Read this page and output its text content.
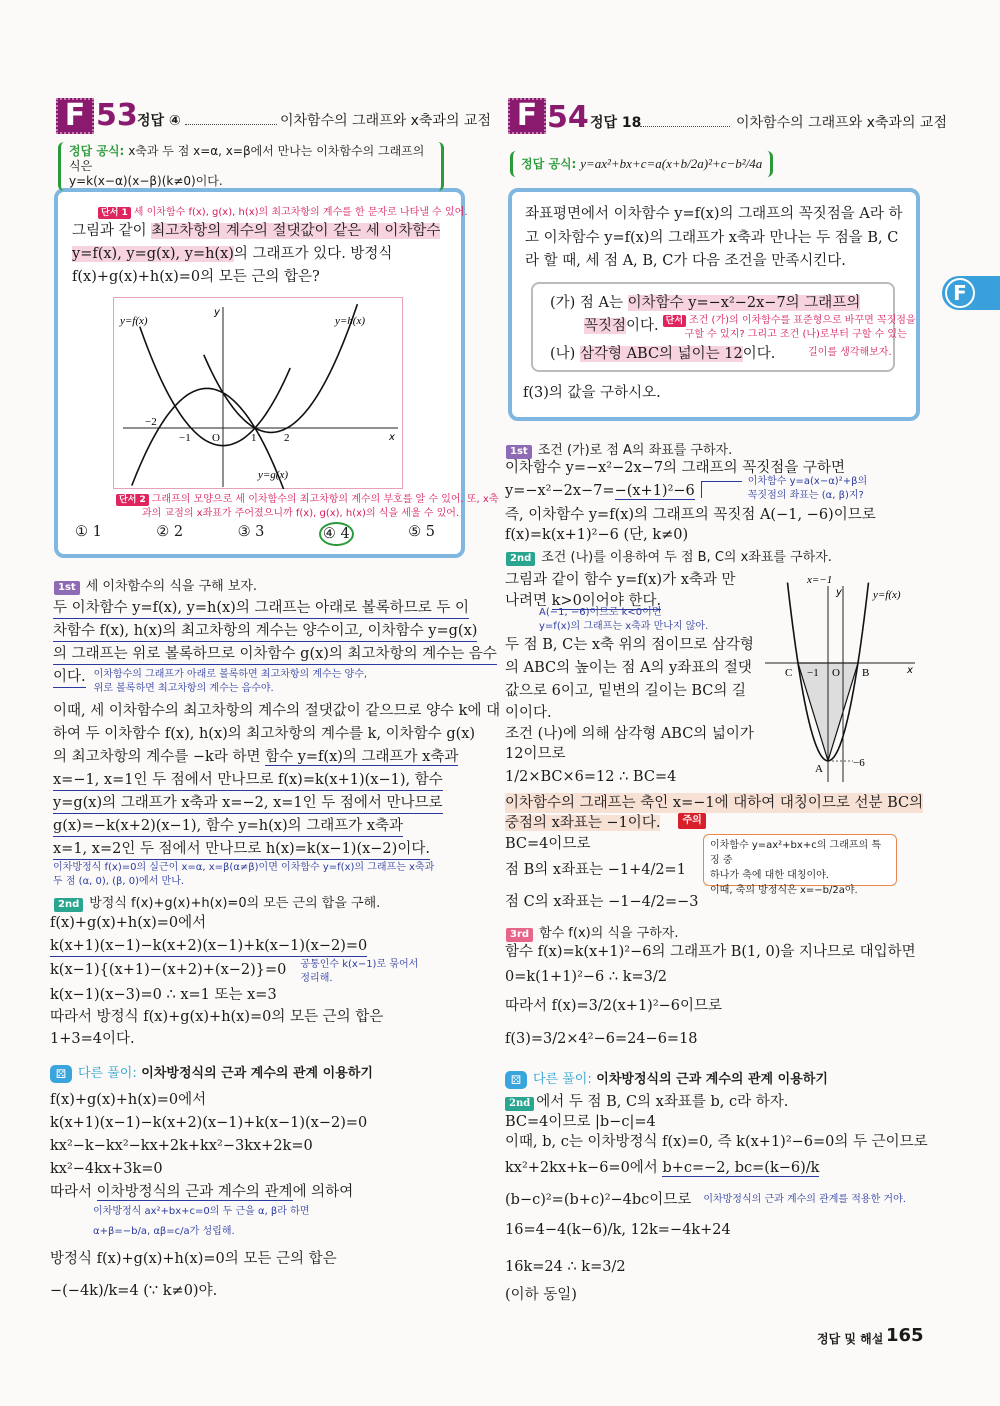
F 53 정답 ④	이차함수의 그래프와 x축과의 교점
정답 공식: x축과 두 점 x=α, x=β에서 만나는 이차함수의 그래프의 식은
y=k(x−α)(x−β)(k≠0)이다.
단서 1 세 이차함수 f(x), g(x), h(x)의 최고차항의 계수를 한 문자로 나타낼 수 있어.
그림과 같이 최고차항의 계수의 절댓값이 같은 세 이차함수
y=f(x), y=g(x), y=h(x)의 그래프가 있다. 방정식
f(x)+g(x)+h(x)=0의 모든 근의 합은?
y=f(x)	y=h(x)
y=g(x)
y
x
O
−2
−1	1	2
단서 2 그래프의 모양으로 세 이차함수의 최고차항의 계수의 부호를 알 수 있어. 또, x축
과의 교점의 x좌표가 주어졌으니까 f(x), g(x), h(x)의 식을 세울 수 있어.
① 1	② 2	③ 3	④ 4	⑤ 5
1st 세 이차함수의 식을 구해 보자.
두 이차함수 y=f(x), y=h(x)의 그래프는 아래로 볼록하므로 두 이
차함수 f(x), h(x)의 최고차항의 계수는 양수이고, 이차함수 y=g(x)
의 그래프는 위로 볼록하므로 이차함수 g(x)의 최고차항의 계수는 음수
이다. 이차함수의 그래프가 아래로 볼록하면 최고차항의 계수는 양수,
위로 볼록하면 최고차항의 계수는 음수야.
이때, 세 이차함수의 최고차항의 계수의 절댓값이 같으므로 양수 k에 대
하여 두 이차함수 f(x), h(x)의 최고차항의 계수를 k, 이차함수 g(x)
의 최고차항의 계수를 −k라 하면 함수 y=f(x)의 그래프가 x축과
x=−1, x=1인 두 점에서 만나므로 f(x)=k(x+1)(x−1), 함수
y=g(x)의 그래프가 x축과 x=−2, x=1인 두 점에서 만나므로
g(x)=−k(x+2)(x−1), 함수 y=h(x)의 그래프가 x축과
x=1, x=2인 두 점에서 만나므로 h(x)=k(x−1)(x−2)이다.
이차방정식 f(x)=0의 실근이 x=α, x=β(α≠β)이면 이차함수 y=f(x)의 그래프는 x축과
두 점 (α, 0), (β, 0)에서 만나.
2nd 방정식 f(x)+g(x)+h(x)=0의 모든 근의 합을 구해.
f(x)+g(x)+h(x)=0에서
k(x+1)(x−1)−k(x+2)(x−1)+k(x−1)(x−2)=0
k(x−1){(x+1)−(x+2)+(x−2)}=0 공통인수 k(x−1)로 묶어서
정리해.
k(x−1)(x−3)=0 ∴ x=1 또는 x=3
따라서 방정식 f(x)+g(x)+h(x)=0의 모든 근의 합은
1+3=4이다.
⚄ 다른 풀이: 이차방정식의 근과 계수의 관계 이용하기
f(x)+g(x)+h(x)=0에서
k(x+1)(x−1)−k(x+2)(x−1)+k(x−1)(x−2)=0
kx²−k−kx²−kx+2k+kx²−3kx+2k=0
kx²−4kx+3k=0
따라서 이차방정식의 근과 계수의 관계에 의하여
이차방정식 ax²+bx+c=0의 두 근을 α, β라 하면
α+β=−b/a, αβ=c/a가 성립해.
방정식 f(x)+g(x)+h(x)=0의 모든 근의 합은
−(−4k)/k=4 (∵ k≠0)야.
F 54 정답 18	이차함수의 그래프와 x축과의 교점
정답 공식: y=ax²+bx+c=a(x+b/2a)²+c−b²/4a
좌표평면에서 이차함수 y=f(x)의 그래프의 꼭짓점을 A라 하
고 이차함수 y=f(x)의 그래프가 x축과 만나는 두 점을 B, C
라 할 때, 세 점 A, B, C가 다음 조건을 만족시킨다.
(가) 점 A는 이차함수 y=−x²−2x−7의 그래프의
꼭짓점이다. 단서 조건 (가)의 이차함수를 표준형으로 바꾸면 꼭짓점을
구할 수 있지? 그리고 조건 (나)로부터 구할 수 있는
(나) 삼각형 ABC의 넓이는 12이다.	길이를 생각해보자.
f(3)의 값을 구하시오.
1st 조건 (가)로 점 A의 좌표를 구하자.
이차함수 y=−x²−2x−7의 그래프의 꼭짓점을 구하면
y=−x²−2x−7=−(x+1)²−6
이차함수 y=a(x−α)²+β의
꼭짓점의 좌표는 (α, β)지?
즉, 이차함수 y=f(x)의 그래프의 꼭짓점 A(−1, −6)이므로
f(x)=k(x+1)²−6 (단, k≠0)
2nd 조건 (나)를 이용하여 두 점 B, C의 x좌표를 구하자.
그림과 같이 함수 y=f(x)가 x축과 만
나려면 k>0이어야 한다.
A(−1, −6)이므로 k<0이면
y=f(x)의 그래프는 x축과 만나지 않아.
두 점 B, C는 x축 위의 점이므로 삼각형
의 ABC의 높이는 점 A의 y좌표의 절댓
값으로 6이고, 밑변의 길이는 BC의 길
이이다.
조건 (나)에 의해 삼각형 ABC의 넓이가
12이므로
1/2×BC×6=12 ∴ BC=4
x=−1
y
x
y=f(x)
C	B
A
O
−1
−6
이차함수의 그래프는 축인 x=−1에 대하여 대칭이므로 선분 BC의
중점의 x좌표는 −1이다. 주의
이차함수 y=ax²+bx+c의 그래프의 특징 중
하나가 축에 대한 대칭이야.
이때, 축의 방정식은 x=−b/2a야.
BC=4이므로
점 B의 x좌표는 −1+4/2=1
점 C의 x좌표는 −1−4/2=−3
3rd 함수 f(x)의 식을 구하자.
함수 f(x)=k(x+1)²−6의 그래프가 B(1, 0)을 지나므로 대입하면
0=k(1+1)²−6 ∴ k=3/2
따라서 f(x)=3/2(x+1)²−6이므로
f(3)=3/2×4²−6=24−6=18
⚄ 다른 풀이: 이차방정식의 근과 계수의 관계 이용하기
2nd 에서 두 점 B, C의 x좌표를 b, c라 하자.
BC=4이므로 |b−c|=4
이때, b, c는 이차방정식 f(x)=0, 즉 k(x+1)²−6=0의 두 근이므로
kx²+2kx+k−6=0에서 b+c=−2, bc=(k−6)/k
(b−c)²=(b+c)²−4bc이므로 이차방정식의 근과 계수의 관계를 적용한 거야.
16=4−4(k−6)/k, 12k=−4k+24
16k=24 ∴ k=3/2
(이하 동일)
F
정답 및 해설 165
